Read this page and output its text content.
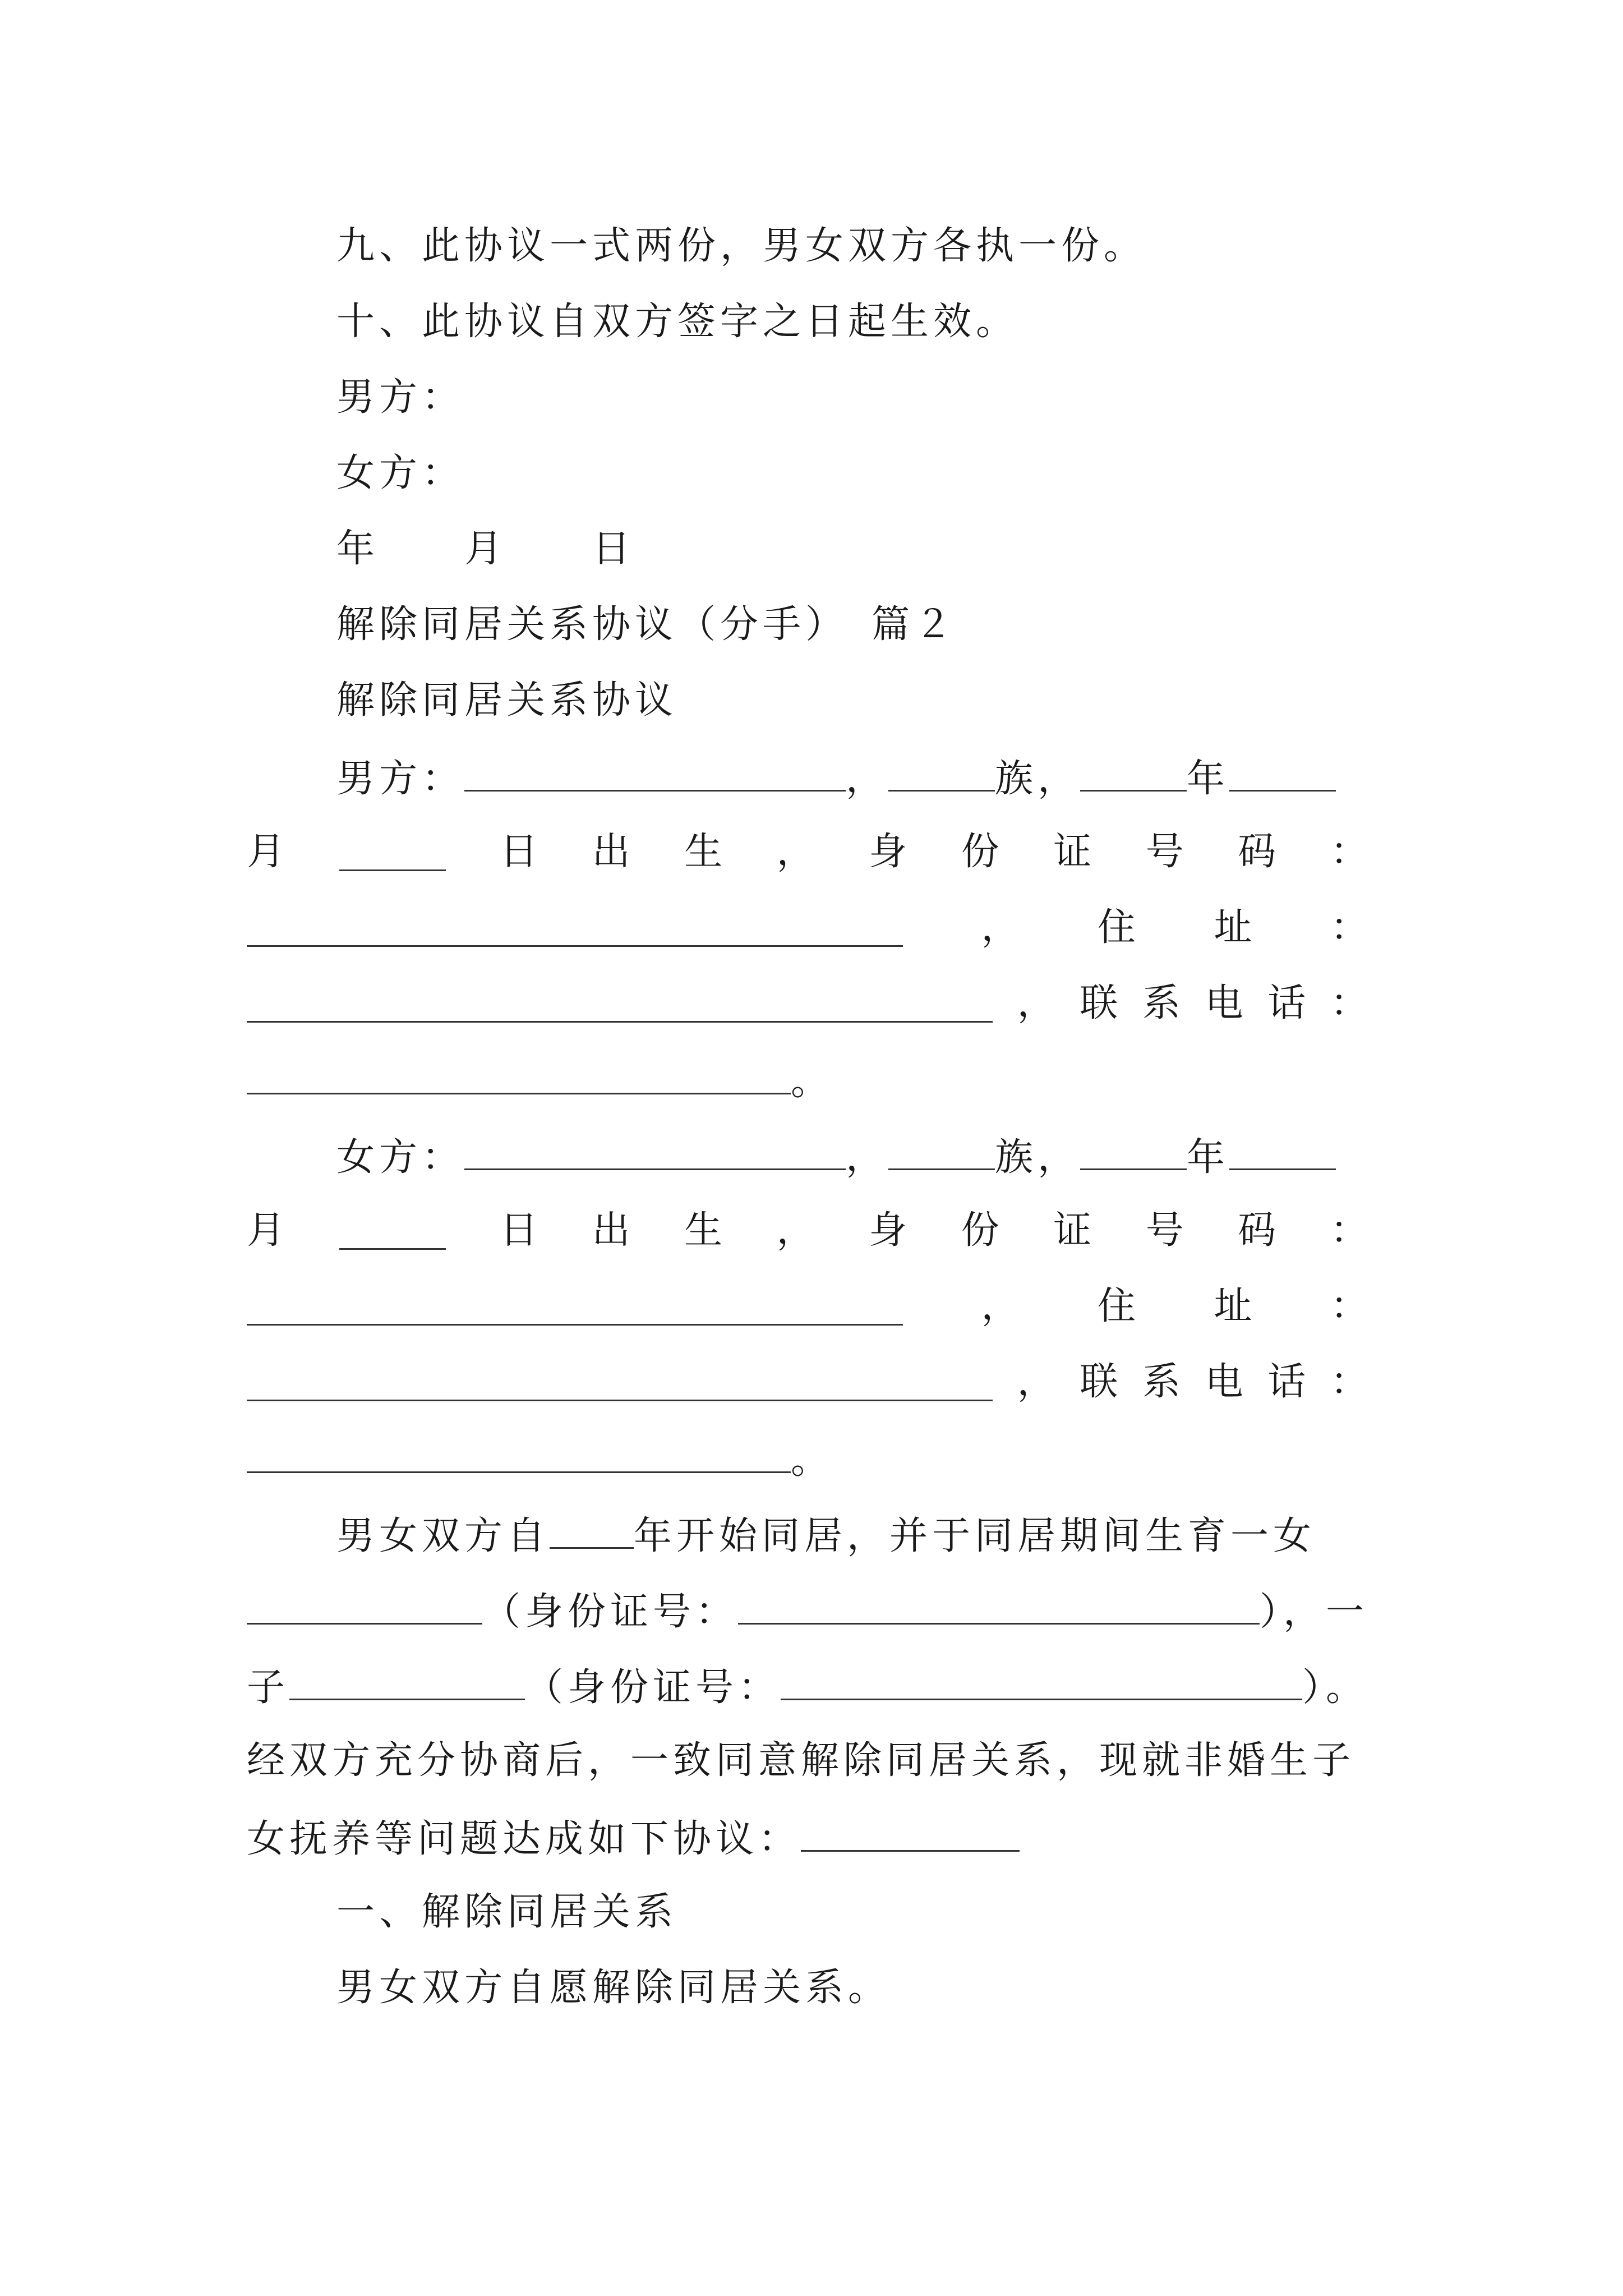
九、此协议一式两份，男女双方各执一份。
十、此协议自双方签字之日起生效。
男方：
女方：
年　　月　　日
解除同居关系协议（分手）　篇２
解除同居关系协议
男方：	，	族，	年
月	日 出 生 ， 身 份 证 号 码 ：
， 住 址 ：
， 联 系 电 话 ：
。
女方：	，	族，	年
月	日 出 生 ， 身 份 证 号 码 ：
， 住 址 ：
， 联 系 电 话 ：
。
男女双方自 年开始同居，并于同居期间生育一女
（身份证号：	），一
子	（身份证号：	）。
经双方充分协商后，一致同意解除同居关系，现就非婚生子
女抚养等问题达成如下协议：
一、解除同居关系
男女双方自愿解除同居关系。
